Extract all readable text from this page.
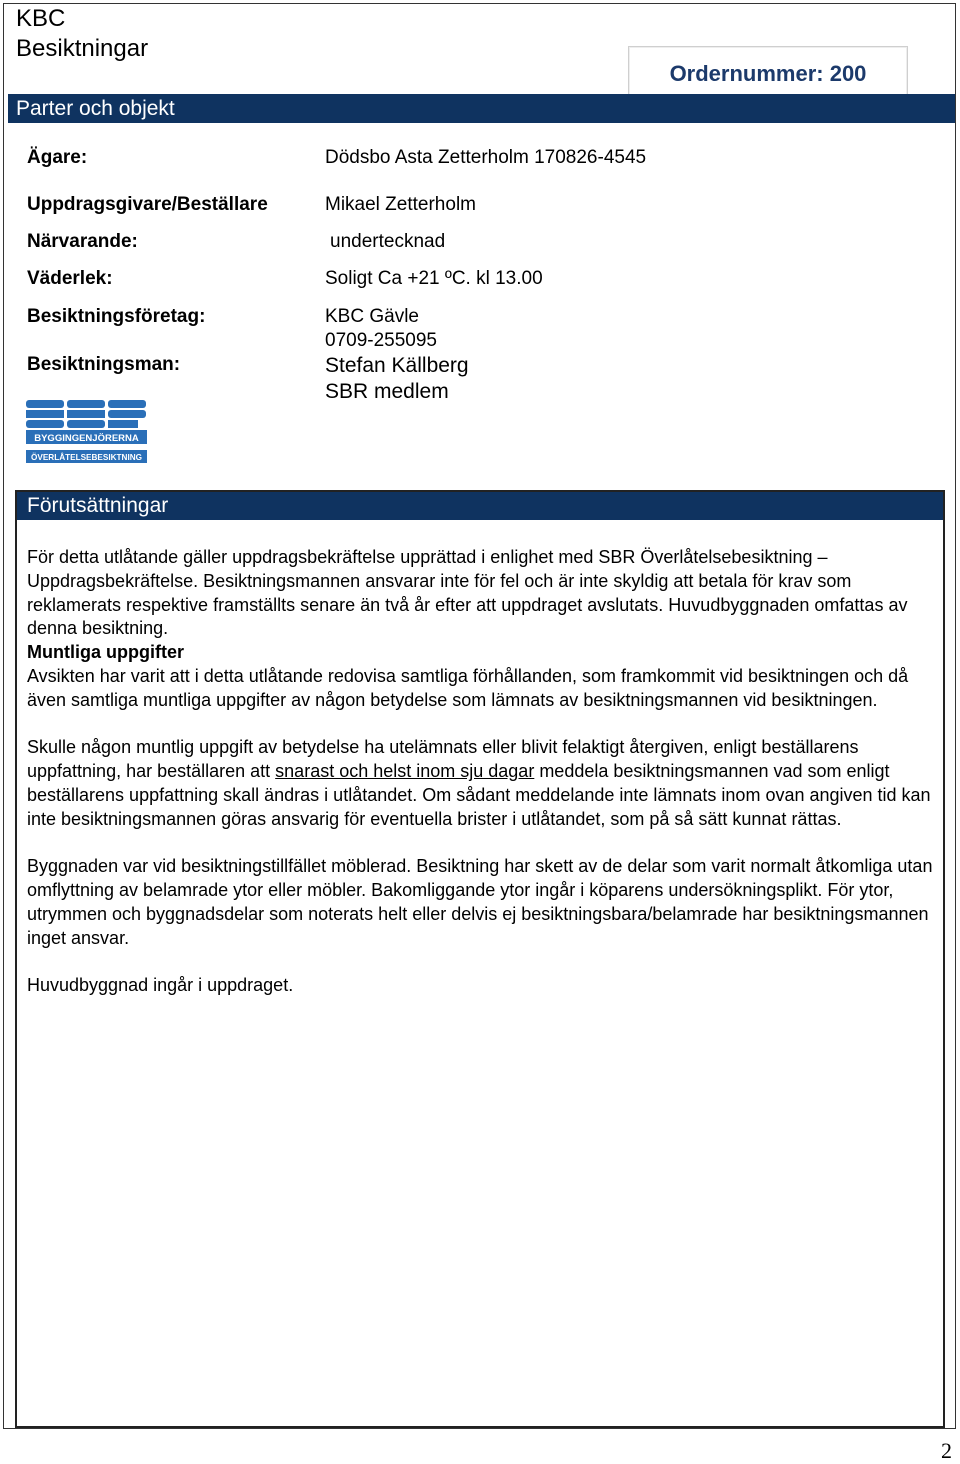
KBC
Besiktningar
Ordernummer: 200
Parter och objekt
Ägare:	Dödsbo Asta Zetterholm 170826-4545
Uppdragsgivare/Beställare	Mikael Zetterholm
Närvarande:	undertecknad
Väderlek:	Soligt Ca +21 ºC. kl 13.00
Besiktningsföretag:	KBC Gävle
0709-255095
Besiktningsman:	Stefan Källberg
SBR medlem
BYGGINGENJÖRERNA
ÖVERLÅTELSEBESIKTNING
Förutsättningar

För detta utlåtande gäller uppdragsbekräftelse upprättad i enlighet med SBR Överlåtelsebesiktning – Uppdragsbekräftelse. Besiktningsmannen ansvarar inte för fel och är inte skyldig att betala för krav som reklamerats respektive framställts senare än två år efter att uppdraget avslutats. Huvudbyggnaden omfattas av denna besiktning.

Muntliga uppgifter

Avsikten har varit att i detta utlåtande redovisa samtliga förhållanden, som framkommit vid besiktningen och då även samtliga muntliga uppgifter av någon betydelse som lämnats av besiktningsmannen vid besiktningen.

Skulle någon muntlig uppgift av betydelse ha utelämnats eller blivit felaktigt återgiven, enligt beställarens uppfattning, har beställaren att snarast och helst inom sju dagar meddela besiktningsmannen vad som enligt beställarens uppfattning skall ändras i utlåtandet. Om sådant meddelande inte lämnats inom ovan angiven tid kan inte besiktningsmannen göras ansvarig för eventuella brister i utlåtandet, som på så sätt kunnat rättas.

Byggnaden var vid besiktningstillfället möblerad. Besiktning har skett av de delar som varit normalt åtkomliga utan omflyttning av belamrade ytor eller möbler. Bakomliggande ytor ingår i köparens undersökningsplikt. För ytor, utrymmen och byggnadsdelar som noterats helt eller delvis ej besiktningsbara/belamrade har besiktningsmannen inget ansvar.

Huvudbyggnad ingår i uppdraget.

2
